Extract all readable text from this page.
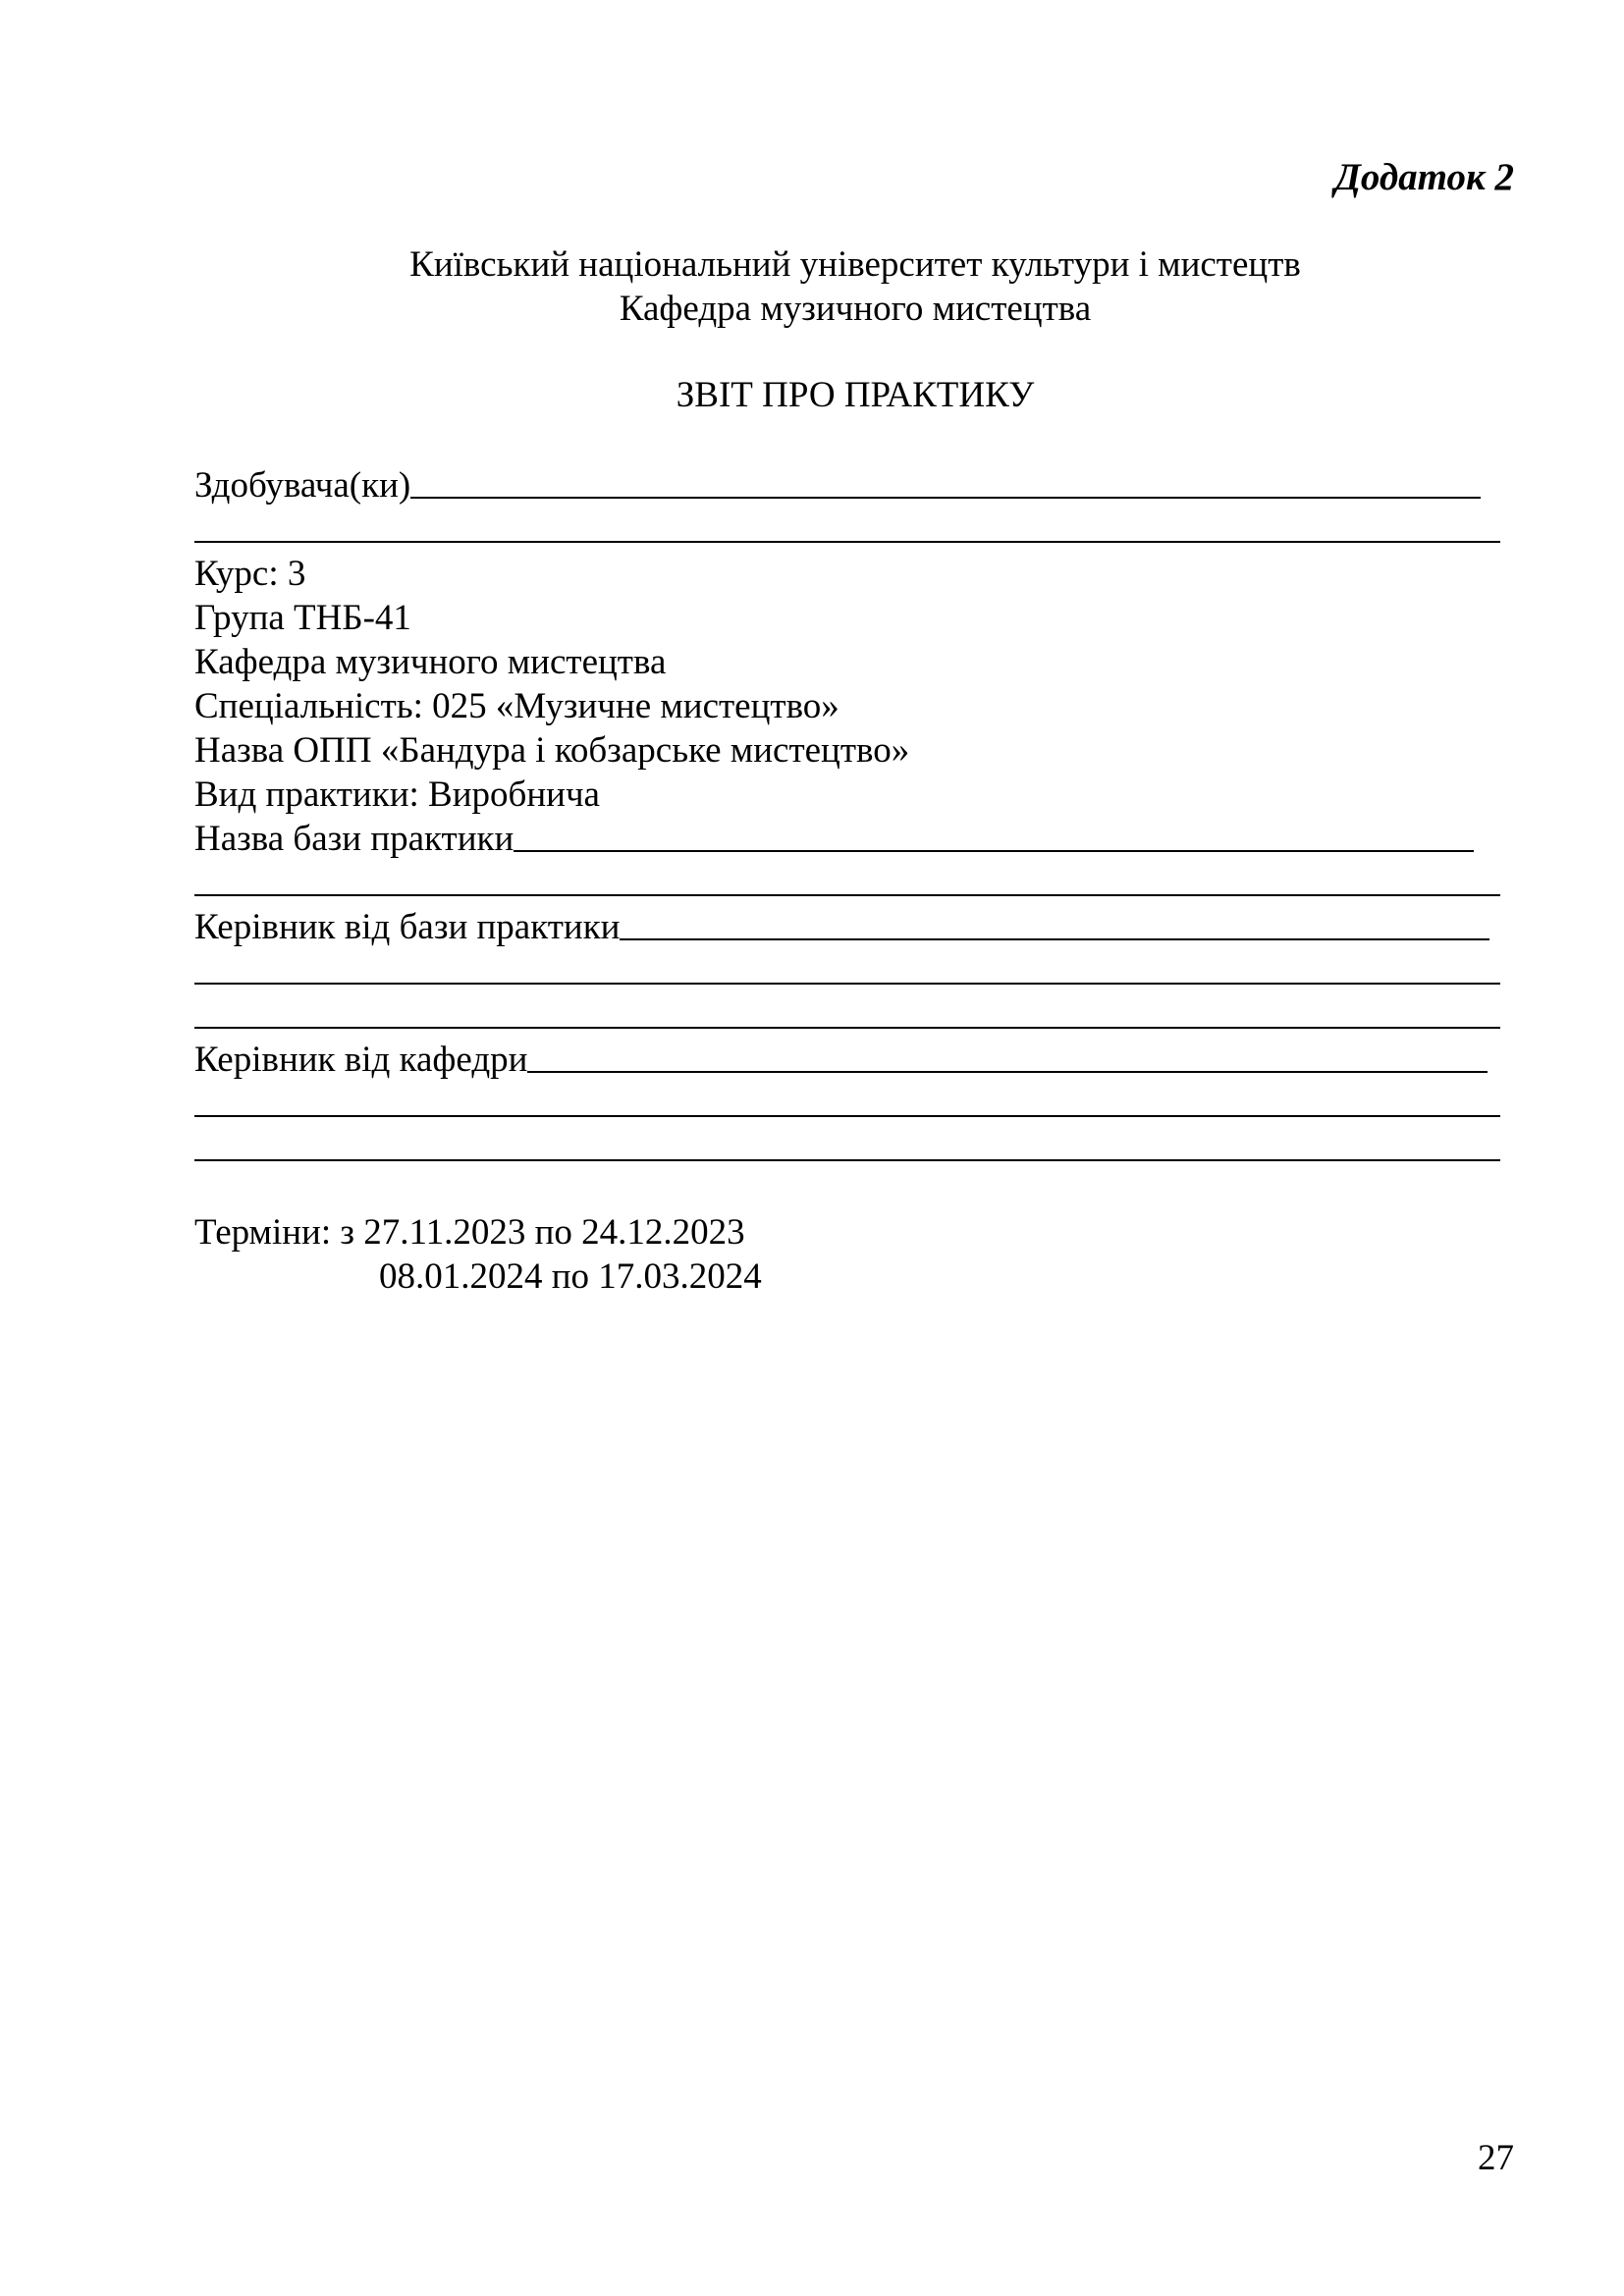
Додаток 2
Київський національний університет культури і мистецтв
Кафедра музичного мистецтва
ЗВІТ ПРО ПРАКТИКУ
Здобувача(ки)
Курс: 3
Група ТНБ-41
Кафедра музичного мистецтва
Спеціальність: 025 «Музичне мистецтво»
Назва ОПП «Бандура і кобзарське мистецтво»
Вид практики: Виробнича
Назва бази практики
Керівник від бази практики
Керівник від кафедри
Терміни: з 27.11.2023 по 24.12.2023
08.01.2024 по 17.03.2024
27
